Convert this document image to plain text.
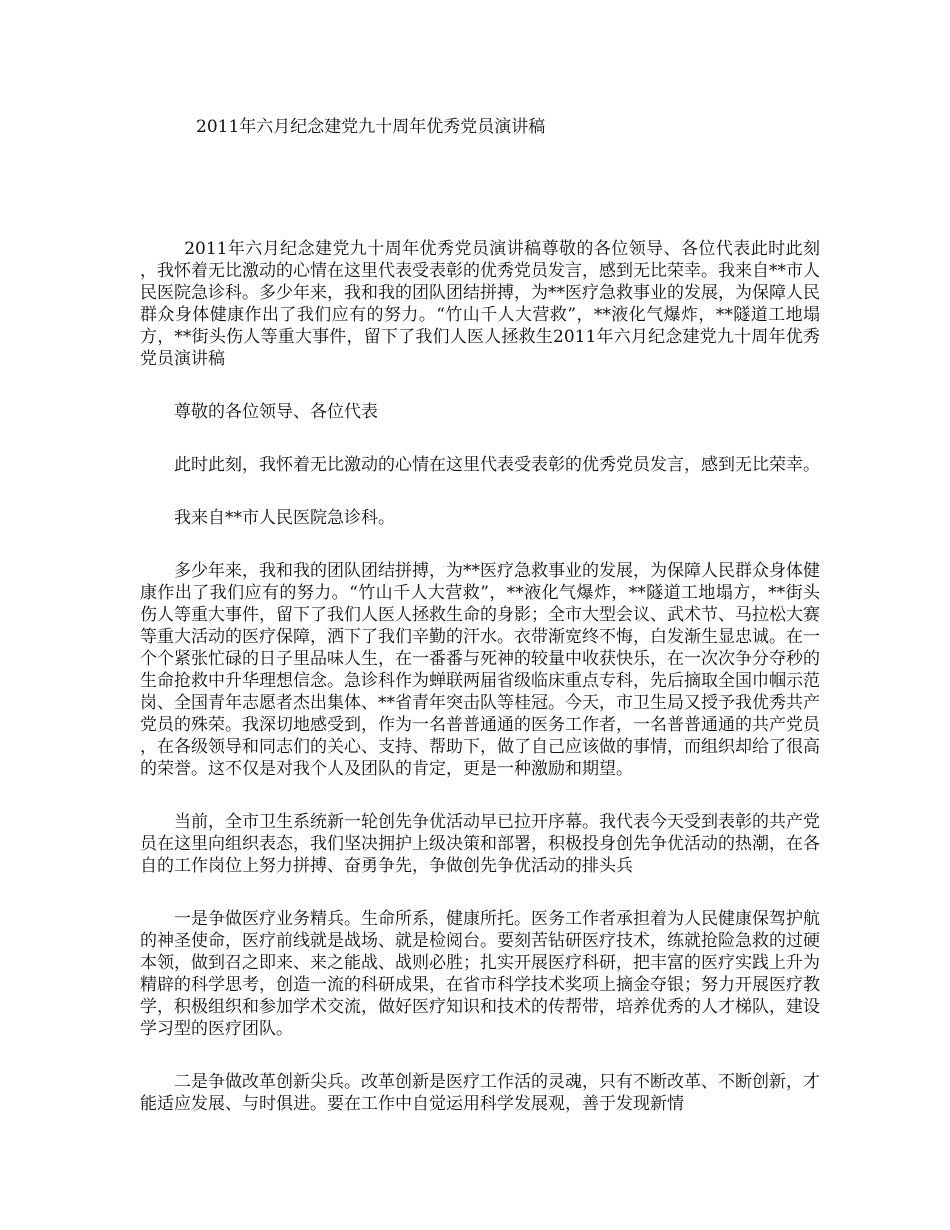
2011年六月纪念建党九十周年优秀党员演讲稿

2011年六月纪念建党九十周年优秀党员演讲稿尊敬的各位领导、各位代表此时此刻，我怀着无比激动的心情在这里代表受表彰的优秀党员发言，感到无比荣幸。我来自**市人民医院急诊科。多少年来，我和我的团队团结拼搏，为**医疗急救事业的发展，为保障人民群众身体健康作出了我们应有的努力。“竹山千人大营救”，**液化气爆炸，**隧道工地塌方，**街头伤人等重大事件，留下了我们人医人拯救生2011年六月纪念建党九十周年优秀党员演讲稿

尊敬的各位领导、各位代表

此时此刻，我怀着无比激动的心情在这里代表受表彰的优秀党员发言，感到无比荣幸。

我来自**市人民医院急诊科。

多少年来，我和我的团队团结拼搏，为**医疗急救事业的发展，为保障人民群众身体健康作出了我们应有的努力。“竹山千人大营救”，**液化气爆炸，**隧道工地塌方，**街头伤人等重大事件，留下了我们人医人拯救生命的身影；全市大型会议、武术节、马拉松大赛等重大活动的医疗保障，洒下了我们辛勤的汗水。衣带渐宽终不悔，白发渐生显忠诚。在一个个紧张忙碌的日子里品味人生，在一番番与死神的较量中收获快乐，在一次次争分夺秒的生命抢救中升华理想信念。急诊科作为蝉联两届省级临床重点专科，先后摘取全国巾帼示范岗、全国青年志愿者杰出集体、**省青年突击队等桂冠。今天，市卫生局又授予我优秀共产党员的殊荣。我深切地感受到，作为一名普普通通的医务工作者，一名普普通通的共产党员，在各级领导和同志们的关心、支持、帮助下，做了自己应该做的事情，而组织却给了很高的荣誉。这不仅是对我个人及团队的肯定，更是一种激励和期望。

当前，全市卫生系统新一轮创先争优活动早已拉开序幕。我代表今天受到表彰的共产党员在这里向组织表态，我们坚决拥护上级决策和部署，积极投身创先争优活动的热潮，在各自的工作岗位上努力拼搏、奋勇争先，争做创先争优活动的排头兵

一是争做医疗业务精兵。生命所系，健康所托。医务工作者承担着为人民健康保驾护航的神圣使命，医疗前线就是战场、就是检阅台。要刻苦钻研医疗技术，练就抢险急救的过硬本领，做到召之即来、来之能战、战则必胜；扎实开展医疗科研，把丰富的医疗实践上升为精辟的科学思考，创造一流的科研成果，在省市科学技术奖项上摘金夺银；努力开展医疗教学，积极组织和参加学术交流，做好医疗知识和技术的传帮带，培养优秀的人才梯队，建设学习型的医疗团队。

二是争做改革创新尖兵。改革创新是医疗工作活的灵魂，只有不断改革、不断创新，才能适应发展、与时俱进。要在工作中自觉运用科学发展观，善于发现新情
